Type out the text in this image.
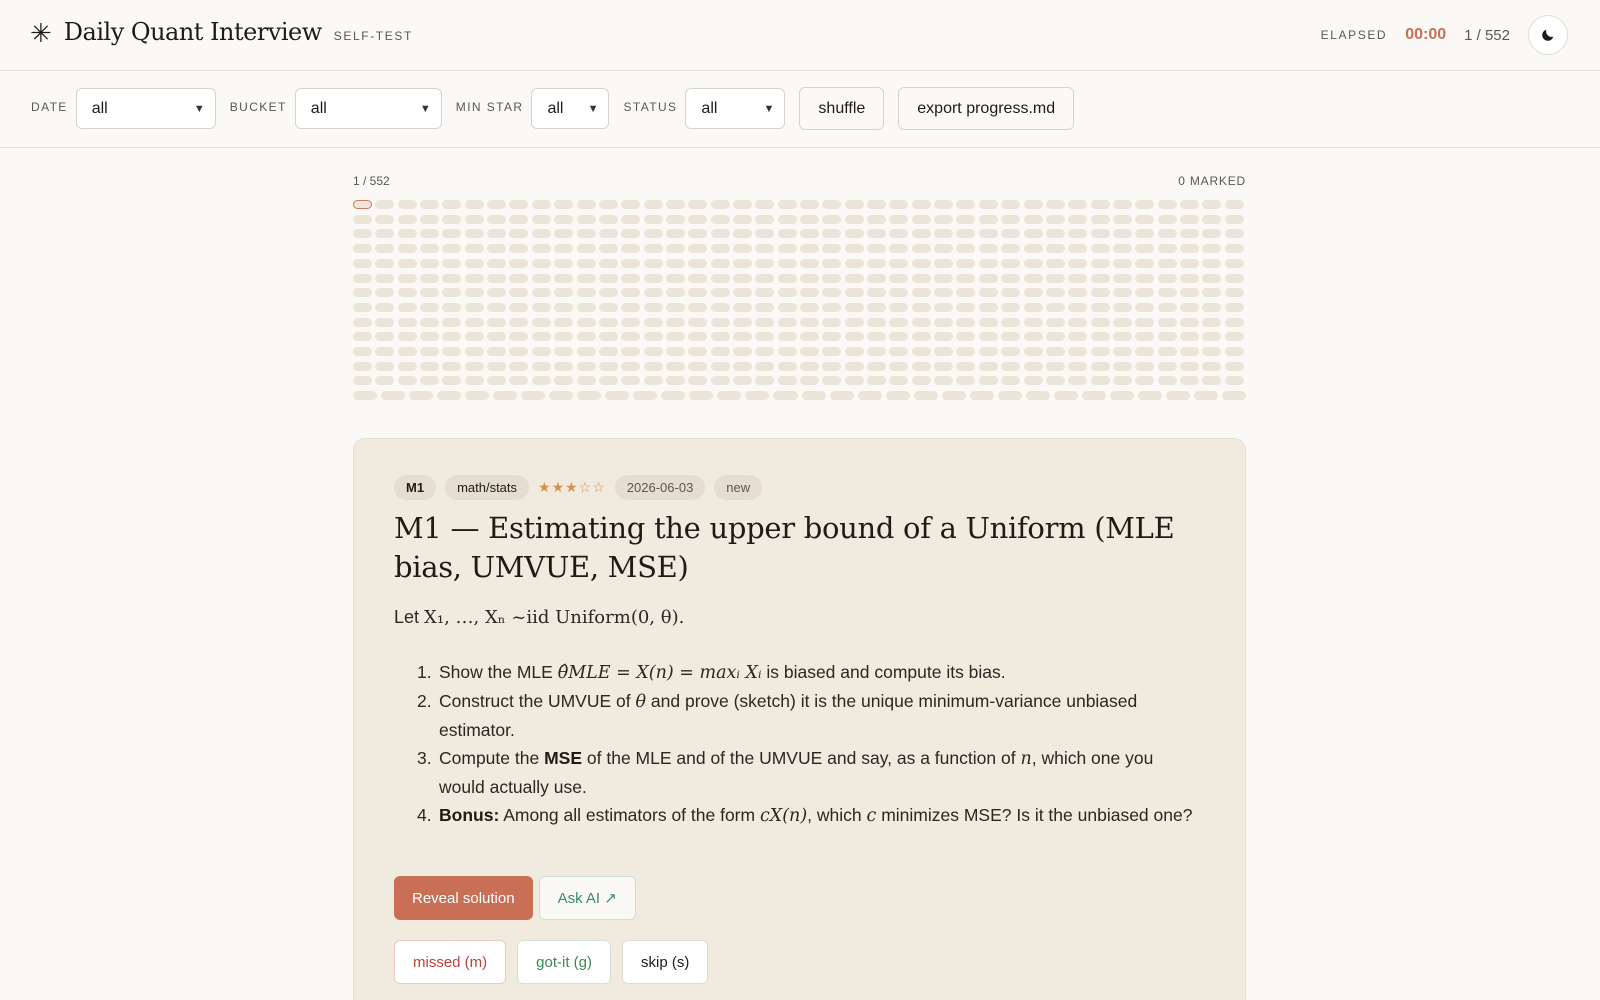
✳ Daily Quant Interview SELF-TEST	ELAPSED 00:00 1 / 552
DATE all	▼ BUCKET all	▼ MIN STAR all ▼ STATUS all	▼	shuffle	export progress.md
1 / 552	0 MARKED
M1	math/stats	★★★☆☆	2026-06-03	new
M1 — Estimating the upper bound of a Uniform (MLE bias, UMVUE, MSE)
Let X₁, …, Xₙ ~iid Uniform(0, θ).
1. Show the MLE θ̂MLE = X(n) = maxᵢ Xᵢ is biased and compute its bias.
2. Construct the UMVUE of θ and prove (sketch) it is the unique minimum-variance unbiased estimator.
3. Compute the MSE of the MLE and of the UMVUE and say, as a function of n, which one you would actually use.
4. Bonus: Among all estimators of the form cX(n), which c minimizes MSE? Is it the unbiased one?
Reveal solution	Ask AI ↗
missed (m)	got-it (g)	skip (s)
